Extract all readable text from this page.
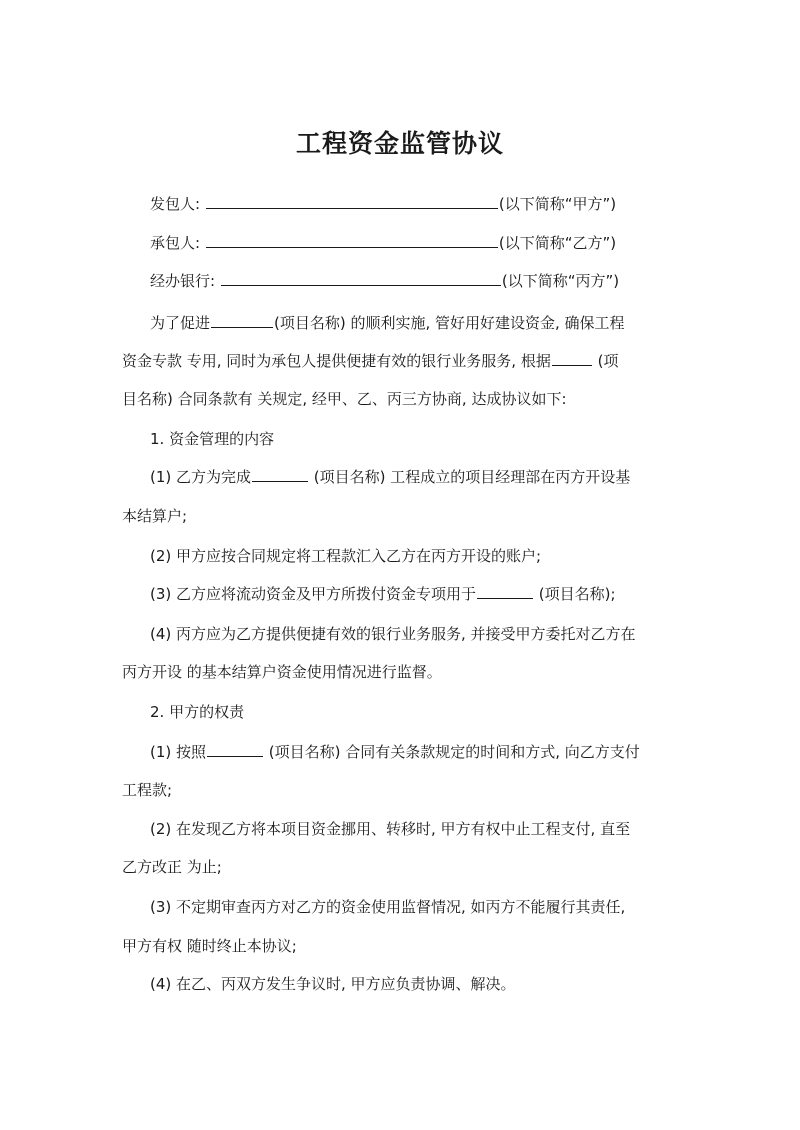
工程资金监管协议
发包人:	(以下简称“甲方”)
承包人:	(以下简称“乙方”)
经办银行:	(以下简称“丙方”)
为了促进	(项目名称) 的顺利实施, 管好用好建设资金, 确保工程
资金专款 专用, 同时为承包人提供便捷有效的银行业务服务, 根据	(项
目名称) 合同条款有 关规定, 经甲、乙、丙三方协商, 达成协议如下:
1. 资金管理的内容
(1) 乙方为完成	(项目名称) 工程成立的项目经理部在丙方开设基
本结算户;
(2) 甲方应按合同规定将工程款汇入乙方在丙方开设的账户;
(3) 乙方应将流动资金及甲方所拨付资金专项用于	(项目名称);
(4) 丙方应为乙方提供便捷有效的银行业务服务, 并接受甲方委托对乙方在
丙方开设 的基本结算户资金使用情况进行监督。
2. 甲方的权责
(1) 按照	(项目名称) 合同有关条款规定的时间和方式, 向乙方支付
工程款;
(2) 在发现乙方将本项目资金挪用、转移时, 甲方有权中止工程支付, 直至
乙方改正 为止;
(3) 不定期审查丙方对乙方的资金使用监督情况, 如丙方不能履行其责任,
甲方有权 随时终止本协议;
(4) 在乙、丙双方发生争议时, 甲方应负责协调、解决。
